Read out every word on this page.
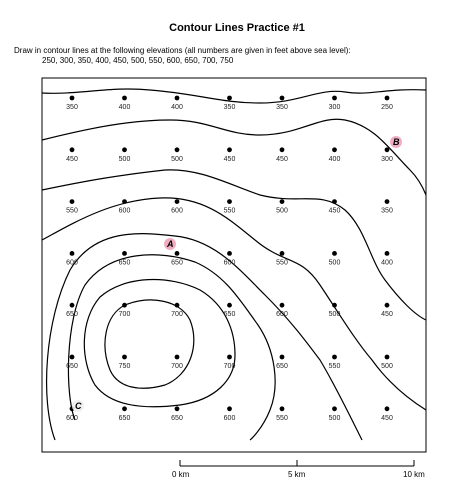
Contour Lines Practice #1
Draw in contour lines at the following elevations (all numbers are given in feet above sea level):
250, 300, 350, 400, 450, 500, 550, 600, 650, 700, 750
350	400	400	350	350	300	250
450	500	500	450	450	400	300
550	600	600	550	500	450	350
600	650	650	600	550	500	400
650	700	700	650	600	500	450
650	750	700	700	650	550	500
600	650	650	600	550	500	450
A
B
C
0 km	5 km	10 km
